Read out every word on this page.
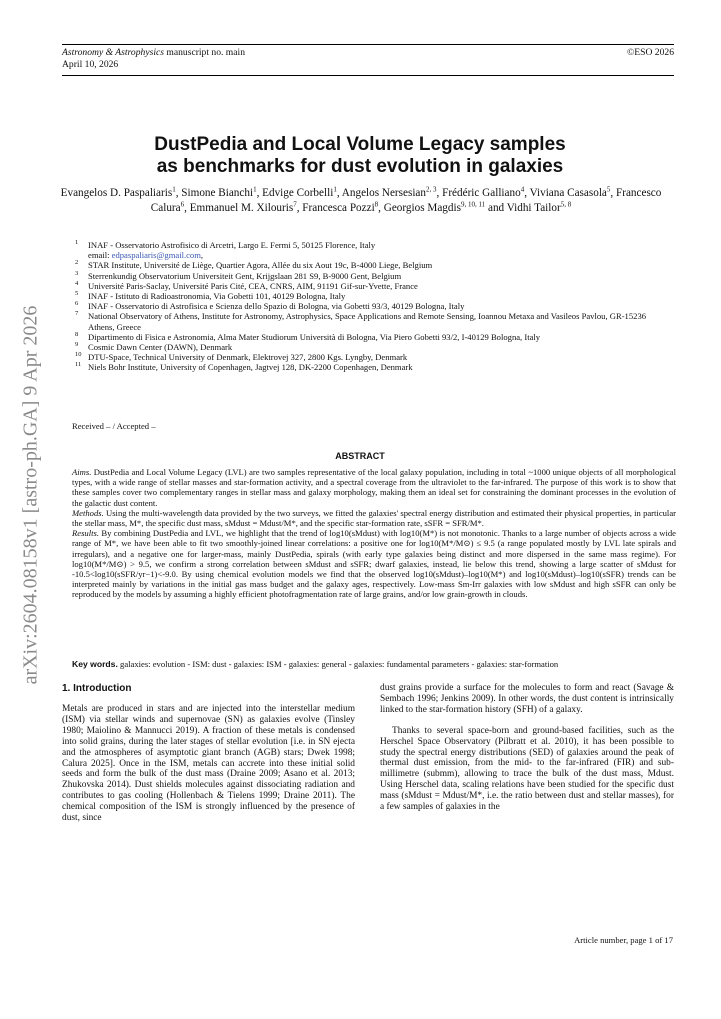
Astronomy & Astrophysics manuscript no. main
April 10, 2026
©ESO 2026
arXiv:2604.08158v1 [astro-ph.GA] 9 Apr 2026
DustPedia and Local Volume Legacy samples
as benchmarks for dust evolution in galaxies
Evangelos D. Paspaliaris$^1$, Simone Bianchi$^1$, Edvige Corbelli$^1$, Angelos Nersesian$^{2, 3}$, Frédéric Galliano$^4$, Viviana Casasola$^5$, Francesco Calura$^6$, Emmanuel M. Xilouris$^7$, Francesca Pozzi$^8$, Georgios Magdis$^{9, 10, 11}$ and Vidhi Tailor$^{5, 8}$
1 INAF - Osservatorio Astrofisico di Arcetri, Largo E. Fermi 5, 50125 Florence, Italy
email: edpaspaliaris@gmail.com,
2 STAR Institute, Université de Liège, Quartier Agora, Allée du six Aout 19c, B-4000 Liege, Belgium
3 Sterrenkundig Observatorium Universiteit Gent, Krijgslaan 281 S9, B-9000 Gent, Belgium
4 Université Paris-Saclay, Université Paris Cité, CEA, CNRS, AIM, 91191 Gif-sur-Yvette, France
5 INAF - Istituto di Radioastronomia, Via Gobetti 101, 40129 Bologna, Italy
6 INAF - Osservatorio di Astrofisica e Scienza dello Spazio di Bologna, via Gobetti 93/3, 40129 Bologna, Italy
7 National Observatory of Athens, Institute for Astronomy, Astrophysics, Space Applications and Remote Sensing, Ioannou Metaxa and Vasileos Pavlou, GR-15236 Athens, Greece
8 Dipartimento di Fisica e Astronomia, Alma Mater Studiorum Università di Bologna, Via Piero Gobetti 93/2, I-40129 Bologna, Italy
9 Cosmic Dawn Center (DAWN), Denmark
10 DTU-Space, Technical University of Denmark, Elektrovej 327, 2800 Kgs. Lyngby, Denmark
11 Niels Bohr Institute, University of Copenhagen, Jagtvej 128, DK-2200 Copenhagen, Denmark
Received – / Accepted –
ABSTRACT

Aims. DustPedia and Local Volume Legacy (LVL) are two samples representative of the local galaxy population, including in total ~1000 unique objects of all morphological types, with a wide range of stellar masses and star-formation activity, and a spectral coverage from the ultraviolet to the far-infrared. The purpose of this work is to show that these samples cover two complementary ranges in stellar mass and galaxy morphology, making them an ideal set for constraining the dominant processes in the evolution of the galactic dust content.

Methods. Using the multi-wavelength data provided by the two surveys, we fitted the galaxies' spectral energy distribution and estimated their physical properties, in particular the stellar mass, M*, the specific dust mass, sMdust = Mdust/M*, and the specific star-formation rate, sSFR = SFR/M*.

Results. By combining DustPedia and LVL, we highlight that the trend of log10(sMdust) with log10(M*) is not monotonic. Thanks to a large number of objects across a wide range of M*, we have been able to fit two smoothly-joined linear correlations: a positive one for log10(M*/M⊙) ≤ 9.5 (a range populated mostly by LVL late spirals and irregulars), and a negative one for larger-mass, mainly DustPedia, spirals (with early type galaxies being distinct and more dispersed in the same mass regime). For log10(M*/M⊙) > 9.5, we confirm a strong correlation between sMdust and sSFR; dwarf galaxies, instead, lie below this trend, showing a large scatter of sMdust for -10.5<log10(sSFR/yr−1)<-9.0. By using chemical evolution models we find that the observed log10(sMdust)–log10(M*) and log10(sMdust)–log10(sSFR) trends can be interpreted mainly by variations in the initial gas mass budget and the galaxy ages, respectively. Low-mass Sm-Irr galaxies with low sMdust and high sSFR can only be reproduced by the models by assuming a highly efficient photofragmentation rate of large grains, and/or low grain-growth in clouds.

Key words. galaxies: evolution - ISM: dust - galaxies: ISM - galaxies: general - galaxies: fundamental parameters - galaxies: star-formation
1. Introduction

Metals are produced in stars and are injected into the interstellar medium (ISM) via stellar winds and supernovae (SN) as galaxies evolve (Tinsley 1980; Maiolino & Mannucci 2019). A fraction of these metals is condensed into solid grains, during the later stages of stellar evolution [i.e. in SN ejecta and the atmospheres of asymptotic giant branch (AGB) stars; Dwek 1998; Calura 2025]. Once in the ISM, metals can accrete into these initial solid seeds and form the bulk of the dust mass (Draine 2009; Asano et al. 2013; Zhukovska 2014). Dust shields molecules against dissociating radiation and contributes to gas cooling (Hollenbach & Tielens 1999; Draine 2011). The chemical composition of the ISM is strongly influenced by the presence of dust, since

dust grains provide a surface for the molecules to form and react (Savage & Sembach 1996; Jenkins 2009). In other words, the dust content is intrinsically linked to the star-formation history (SFH) of a galaxy.

Thanks to several space-born and ground-based facilities, such as the Herschel Space Observatory (Pilbratt et al. 2010), it has been possible to study the spectral energy distributions (SED) of galaxies around the peak of thermal dust emission, from the mid- to the far-infrared (FIR) and sub-millimetre (submm), allowing to trace the bulk of the dust mass, Mdust. Using Herschel data, scaling relations have been studied for the specific dust mass (sMdust = Mdust/M*, i.e. the ratio between dust and stellar masses), for a few samples of galaxies in the

Article number, page 1 of 17
